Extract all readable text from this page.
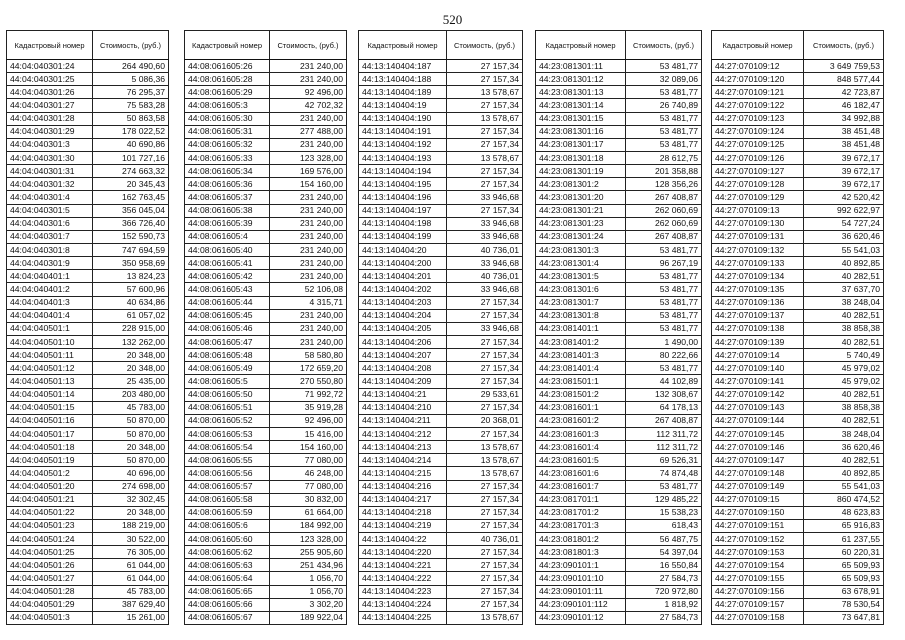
520
Кадастровый номер	Стоимость, (руб.)
44:04:040301:24	264 490,60
44:04:040301:25	5 086,36
44:04:040301:26	76 295,37
44:04:040301:27	75 583,28
44:04:040301:28	50 863,58
44:04:040301:29	178 022,52
44:04:040301:3	40 690,86
44:04:040301:30	101 727,16
44:04:040301:31	274 663,32
44:04:040301:32	20 345,43
44:04:040301:4	162 763,45
44:04:040301:5	356 045,04
44:04:040301:6	366 726,40
44:04:040301:7	152 590,73
44:04:040301:8	747 694,59
44:04:040301:9	350 958,69
44:04:040401:1	13 824,23
44:04:040401:2	57 600,96
44:04:040401:3	40 634,86
44:04:040401:4	61 057,02
44:04:040501:1	228 915,00
44:04:040501:10	132 262,00
44:04:040501:11	20 348,00
44:04:040501:12	20 348,00
44:04:040501:13	25 435,00
44:04:040501:14	203 480,00
44:04:040501:15	45 783,00
44:04:040501:16	50 870,00
44:04:040501:17	50 870,00
44:04:040501:18	20 348,00
44:04:040501:19	50 870,00
44:04:040501:2	40 696,00
44:04:040501:20	274 698,00
44:04:040501:21	32 302,45
44:04:040501:22	20 348,00
44:04:040501:23	188 219,00
44:04:040501:24	30 522,00
44:04:040501:25	76 305,00
44:04:040501:26	61 044,00
44:04:040501:27	61 044,00
44:04:040501:28	45 783,00
44:04:040501:29	387 629,40
44:04:040501:3	15 261,00
Кадастровый номер	Стоимость, (руб.)
44:08:061605:26	231 240,00
44:08:061605:28	231 240,00
44:08:061605:29	92 496,00
44:08:061605:3	42 702,32
44:08:061605:30	231 240,00
44:08:061605:31	277 488,00
44:08:061605:32	231 240,00
44:08:061605:33	123 328,00
44:08:061605:34	169 576,00
44:08:061605:36	154 160,00
44:08:061605:37	231 240,00
44:08:061605:38	231 240,00
44:08:061605:39	231 240,00
44:08:061605:4	231 240,00
44:08:061605:40	231 240,00
44:08:061605:41	231 240,00
44:08:061605:42	231 240,00
44:08:061605:43	52 106,08
44:08:061605:44	4 315,71
44:08:061605:45	231 240,00
44:08:061605:46	231 240,00
44:08:061605:47	231 240,00
44:08:061605:48	58 580,80
44:08:061605:49	172 659,20
44:08:061605:5	270 550,80
44:08:061605:50	71 992,72
44:08:061605:51	35 919,28
44:08:061605:52	92 496,00
44:08:061605:53	15 416,00
44:08:061605:54	154 160,00
44:08:061605:55	77 080,00
44:08:061605:56	46 248,00
44:08:061605:57	77 080,00
44:08:061605:58	30 832,00
44:08:061605:59	61 664,00
44:08:061605:6	184 992,00
44:08:061605:60	123 328,00
44:08:061605:62	255 905,60
44:08:061605:63	251 434,96
44:08:061605:64	1 056,70
44:08:061605:65	1 056,70
44:08:061605:66	3 302,20
44:08:061605:67	189 922,04
Кадастровый номер	Стоимость, (руб.)
44:13:140404:187	27 157,34
44:13:140404:188	27 157,34
44:13:140404:189	13 578,67
44:13:140404:19	27 157,34
44:13:140404:190	13 578,67
44:13:140404:191	27 157,34
44:13:140404:192	27 157,34
44:13:140404:193	13 578,67
44:13:140404:194	27 157,34
44:13:140404:195	27 157,34
44:13:140404:196	33 946,68
44:13:140404:197	27 157,34
44:13:140404:198	33 946,68
44:13:140404:199	33 946,68
44:13:140404:20	40 736,01
44:13:140404:200	33 946,68
44:13:140404:201	40 736,01
44:13:140404:202	33 946,68
44:13:140404:203	27 157,34
44:13:140404:204	27 157,34
44:13:140404:205	33 946,68
44:13:140404:206	27 157,34
44:13:140404:207	27 157,34
44:13:140404:208	27 157,34
44:13:140404:209	27 157,34
44:13:140404:21	29 533,61
44:13:140404:210	27 157,34
44:13:140404:211	20 368,01
44:13:140404:212	27 157,34
44:13:140404:213	13 578,67
44:13:140404:214	13 578,67
44:13:140404:215	13 578,67
44:13:140404:216	27 157,34
44:13:140404:217	27 157,34
44:13:140404:218	27 157,34
44:13:140404:219	27 157,34
44:13:140404:22	40 736,01
44:13:140404:220	27 157,34
44:13:140404:221	27 157,34
44:13:140404:222	27 157,34
44:13:140404:223	27 157,34
44:13:140404:224	27 157,34
44:13:140404:225	13 578,67
Кадастровый номер	Стоимость, (руб.)
44:23:081301:11	53 481,77
44:23:081301:12	32 089,06
44:23:081301:13	53 481,77
44:23:081301:14	26 740,89
44:23:081301:15	53 481,77
44:23:081301:16	53 481,77
44:23:081301:17	53 481,77
44:23:081301:18	28 612,75
44:23:081301:19	201 358,88
44:23:081301:2	128 356,26
44:23:081301:20	267 408,87
44:23:081301:21	262 060,69
44:23:081301:23	262 060,69
44:23:081301:24	267 408,87
44:23:081301:3	53 481,77
44:23:081301:4	96 267,19
44:23:081301:5	53 481,77
44:23:081301:6	53 481,77
44:23:081301:7	53 481,77
44:23:081301:8	53 481,77
44:23:081401:1	53 481,77
44:23:081401:2	1 490,00
44:23:081401:3	80 222,66
44:23:081401:4	53 481,77
44:23:081501:1	44 102,89
44:23:081501:2	132 308,67
44:23:081601:1	64 178,13
44:23:081601:2	267 408,87
44:23:081601:3	112 311,72
44:23:081601:4	112 311,72
44:23:081601:5	69 526,31
44:23:081601:6	74 874,48
44:23:081601:7	53 481,77
44:23:081701:1	129 485,22
44:23:081701:2	15 538,23
44:23:081701:3	618,43
44:23:081801:2	56 487,75
44:23:081801:3	54 397,04
44:23:090101:1	16 550,84
44:23:090101:10	27 584,73
44:23:090101:11	720 972,80
44:23:090101:112	1 818,92
44:23:090101:12	27 584,73
Кадастровый номер	Стоимость, (руб.)
44:27:070109:12	3 649 759,53
44:27:070109:120	848 577,44
44:27:070109:121	42 723,87
44:27:070109:122	46 182,47
44:27:070109:123	34 992,88
44:27:070109:124	38 451,48
44:27:070109:125	38 451,48
44:27:070109:126	39 672,17
44:27:070109:127	39 672,17
44:27:070109:128	39 672,17
44:27:070109:129	42 520,42
44:27:070109:13	992 622,97
44:27:070109:130	54 727,24
44:27:070109:131	36 620,46
44:27:070109:132	55 541,03
44:27:070109:133	40 892,85
44:27:070109:134	40 282,51
44:27:070109:135	37 637,70
44:27:070109:136	38 248,04
44:27:070109:137	40 282,51
44:27:070109:138	38 858,38
44:27:070109:139	40 282,51
44:27:070109:14	5 740,49
44:27:070109:140	45 979,02
44:27:070109:141	45 979,02
44:27:070109:142	40 282,51
44:27:070109:143	38 858,38
44:27:070109:144	40 282,51
44:27:070109:145	38 248,04
44:27:070109:146	36 620,46
44:27:070109:147	40 282,51
44:27:070109:148	40 892,85
44:27:070109:149	55 541,03
44:27:070109:15	860 474,52
44:27:070109:150	48 623,83
44:27:070109:151	65 916,83
44:27:070109:152	61 237,55
44:27:070109:153	60 220,31
44:27:070109:154	65 509,93
44:27:070109:155	65 509,93
44:27:070109:156	63 678,91
44:27:070109:157	78 530,54
44:27:070109:158	73 647,81
